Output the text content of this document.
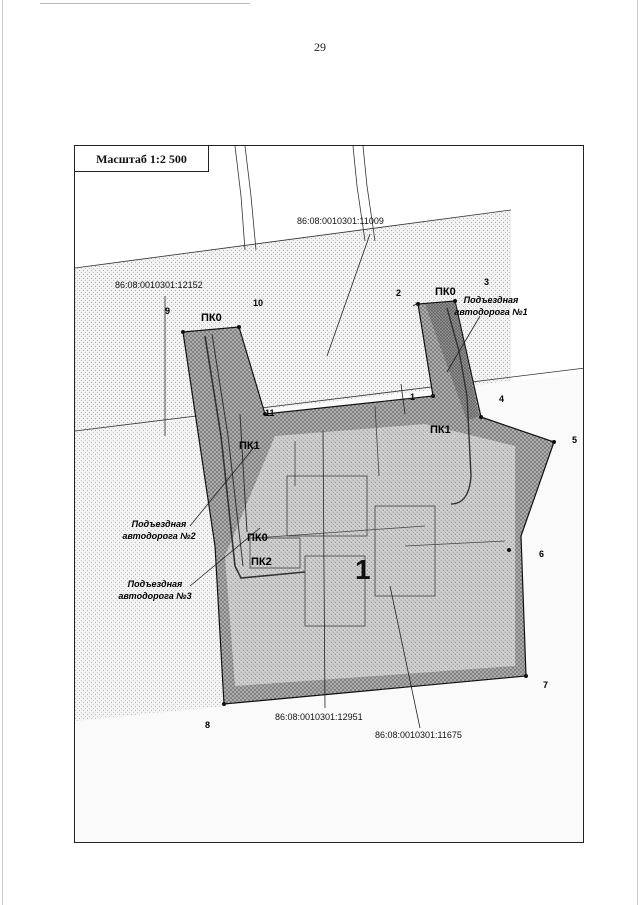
29
Масштаб 1:2 500
86:08:0010301:11009
86:08:0010301:12152
86:08:0010301:12951
86:08:0010301:11675
1
1
2
3
4
5
6
7
8
9
10
11
ПК0
ПК1
ПК0
ПК1
ПК0
ПК2
Подъездная
автодорога №1
Подъездная
автодорога №2
Подъездная
автодорога №3
